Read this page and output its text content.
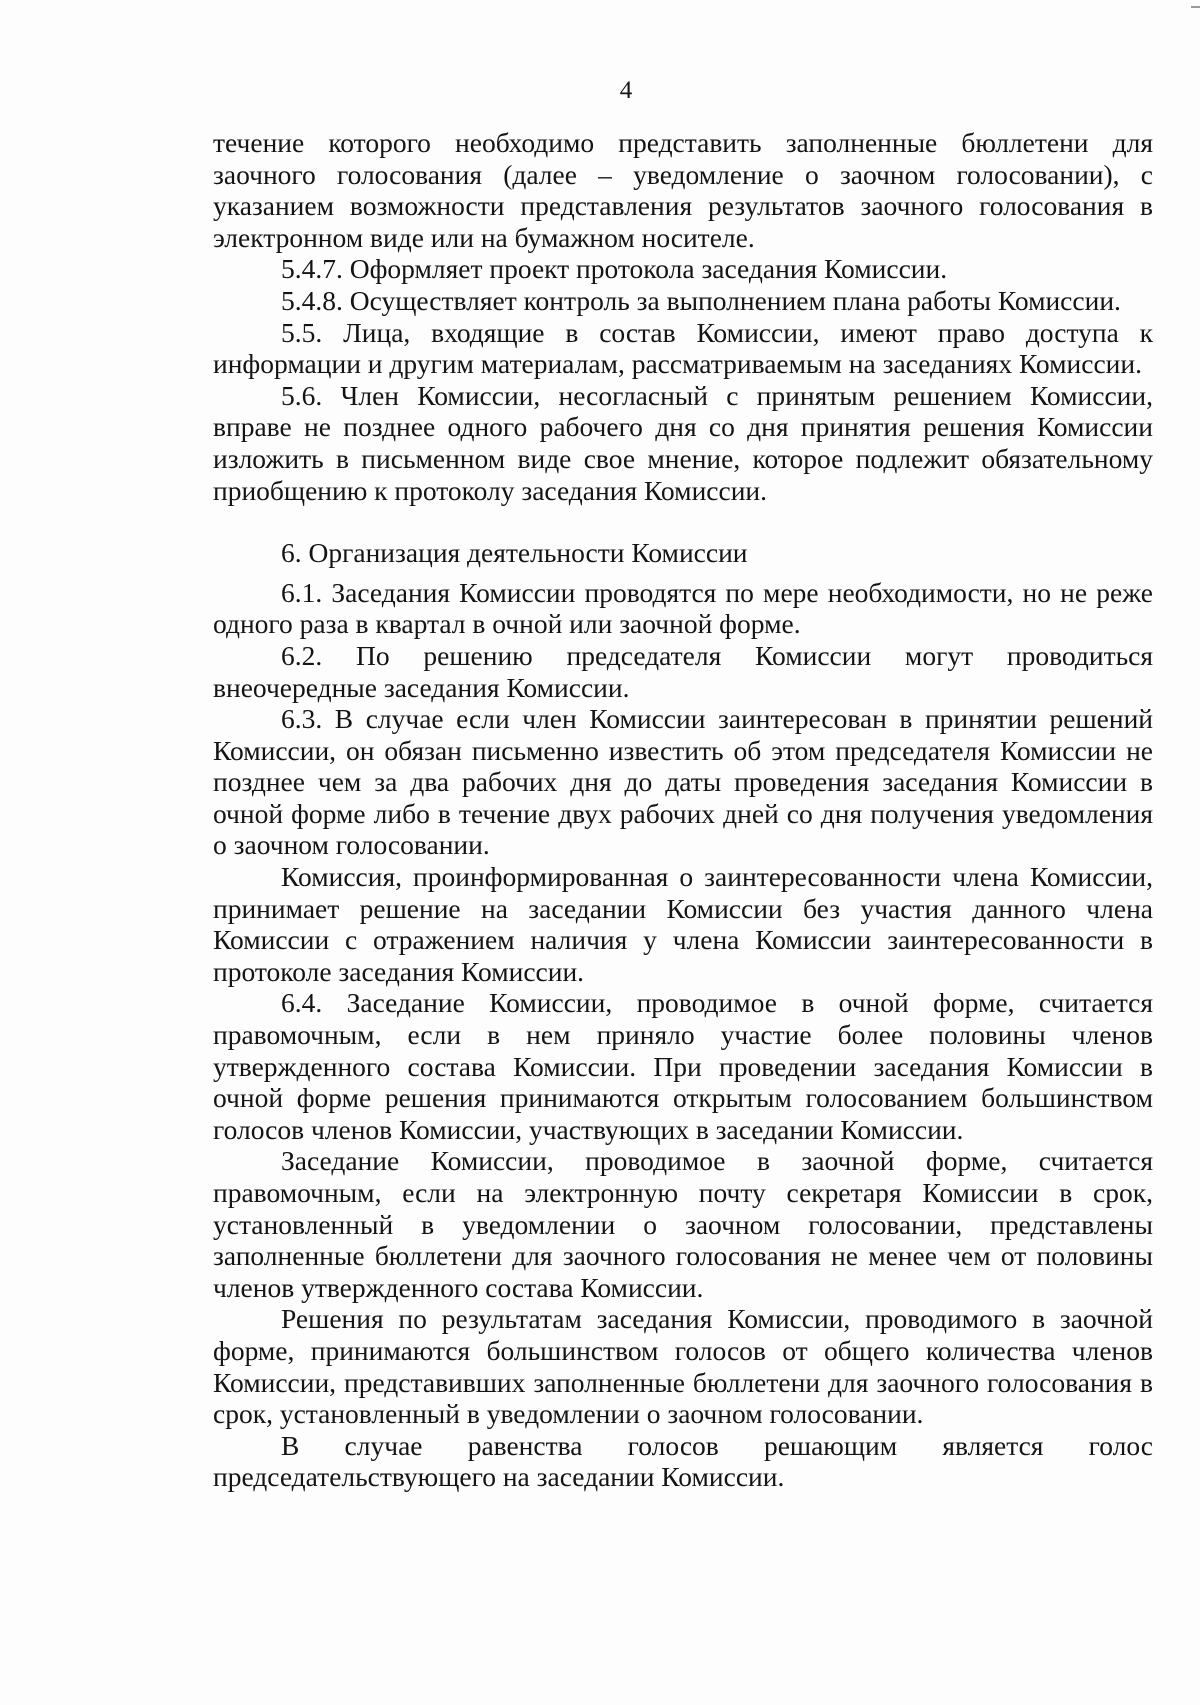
4

течение которого необходимо представить заполненные бюллетени для заочного голосования (далее – уведомление о заочном голосовании), с указанием возможности представления результатов заочного голосования в электронном виде или на бумажном носителе.

5.4.7. Оформляет проект протокола заседания Комиссии.

5.4.8. Осуществляет контроль за выполнением плана работы Комиссии.

5.5. Лица, входящие в состав Комиссии, имеют право доступа к информации и другим материалам, рассматриваемым на заседаниях Комиссии.

5.6. Член Комиссии, несогласный с принятым решением Комиссии, вправе не позднее одного рабочего дня со дня принятия решения Комиссии изложить в письменном виде свое мнение, которое подлежит обязательному приобщению к протоколу заседания Комиссии.

6. Организация деятельности Комиссии

6.1. Заседания Комиссии проводятся по мере необходимости, но не реже одного раза в квартал в очной или заочной форме.

6.2. По решению председателя Комиссии могут проводиться внеочередные заседания Комиссии.

6.3. В случае если член Комиссии заинтересован в принятии решений Комиссии, он обязан письменно известить об этом председателя Комиссии не позднее чем за два рабочих дня до даты проведения заседания Комиссии в очной форме либо в течение двух рабочих дней со дня получения уведомления о заочном голосовании.

Комиссия, проинформированная о заинтересованности члена Комиссии, принимает решение на заседании Комиссии без участия данного члена Комиссии с отражением наличия у члена Комиссии заинтересованности в протоколе заседания Комиссии.

6.4. Заседание Комиссии, проводимое в очной форме, считается правомочным, если в нем приняло участие более половины членов утвержденного состава Комиссии. При проведении заседания Комиссии в очной форме решения принимаются открытым голосованием большинством голосов членов Комиссии, участвующих в заседании Комиссии.

Заседание Комиссии, проводимое в заочной форме, считается правомочным, если на электронную почту секретаря Комиссии в срок, установленный в уведомлении о заочном голосовании, представлены заполненные бюллетени для заочного голосования не менее чем от половины членов утвержденного состава Комиссии.

Решения по результатам заседания Комиссии, проводимого в заочной форме, принимаются большинством голосов от общего количества членов Комиссии, представивших заполненные бюллетени для заочного голосования в срок, установленный в уведомлении о заочном голосовании.

В случае равенства голосов решающим является голос председательствующего на заседании Комиссии.
